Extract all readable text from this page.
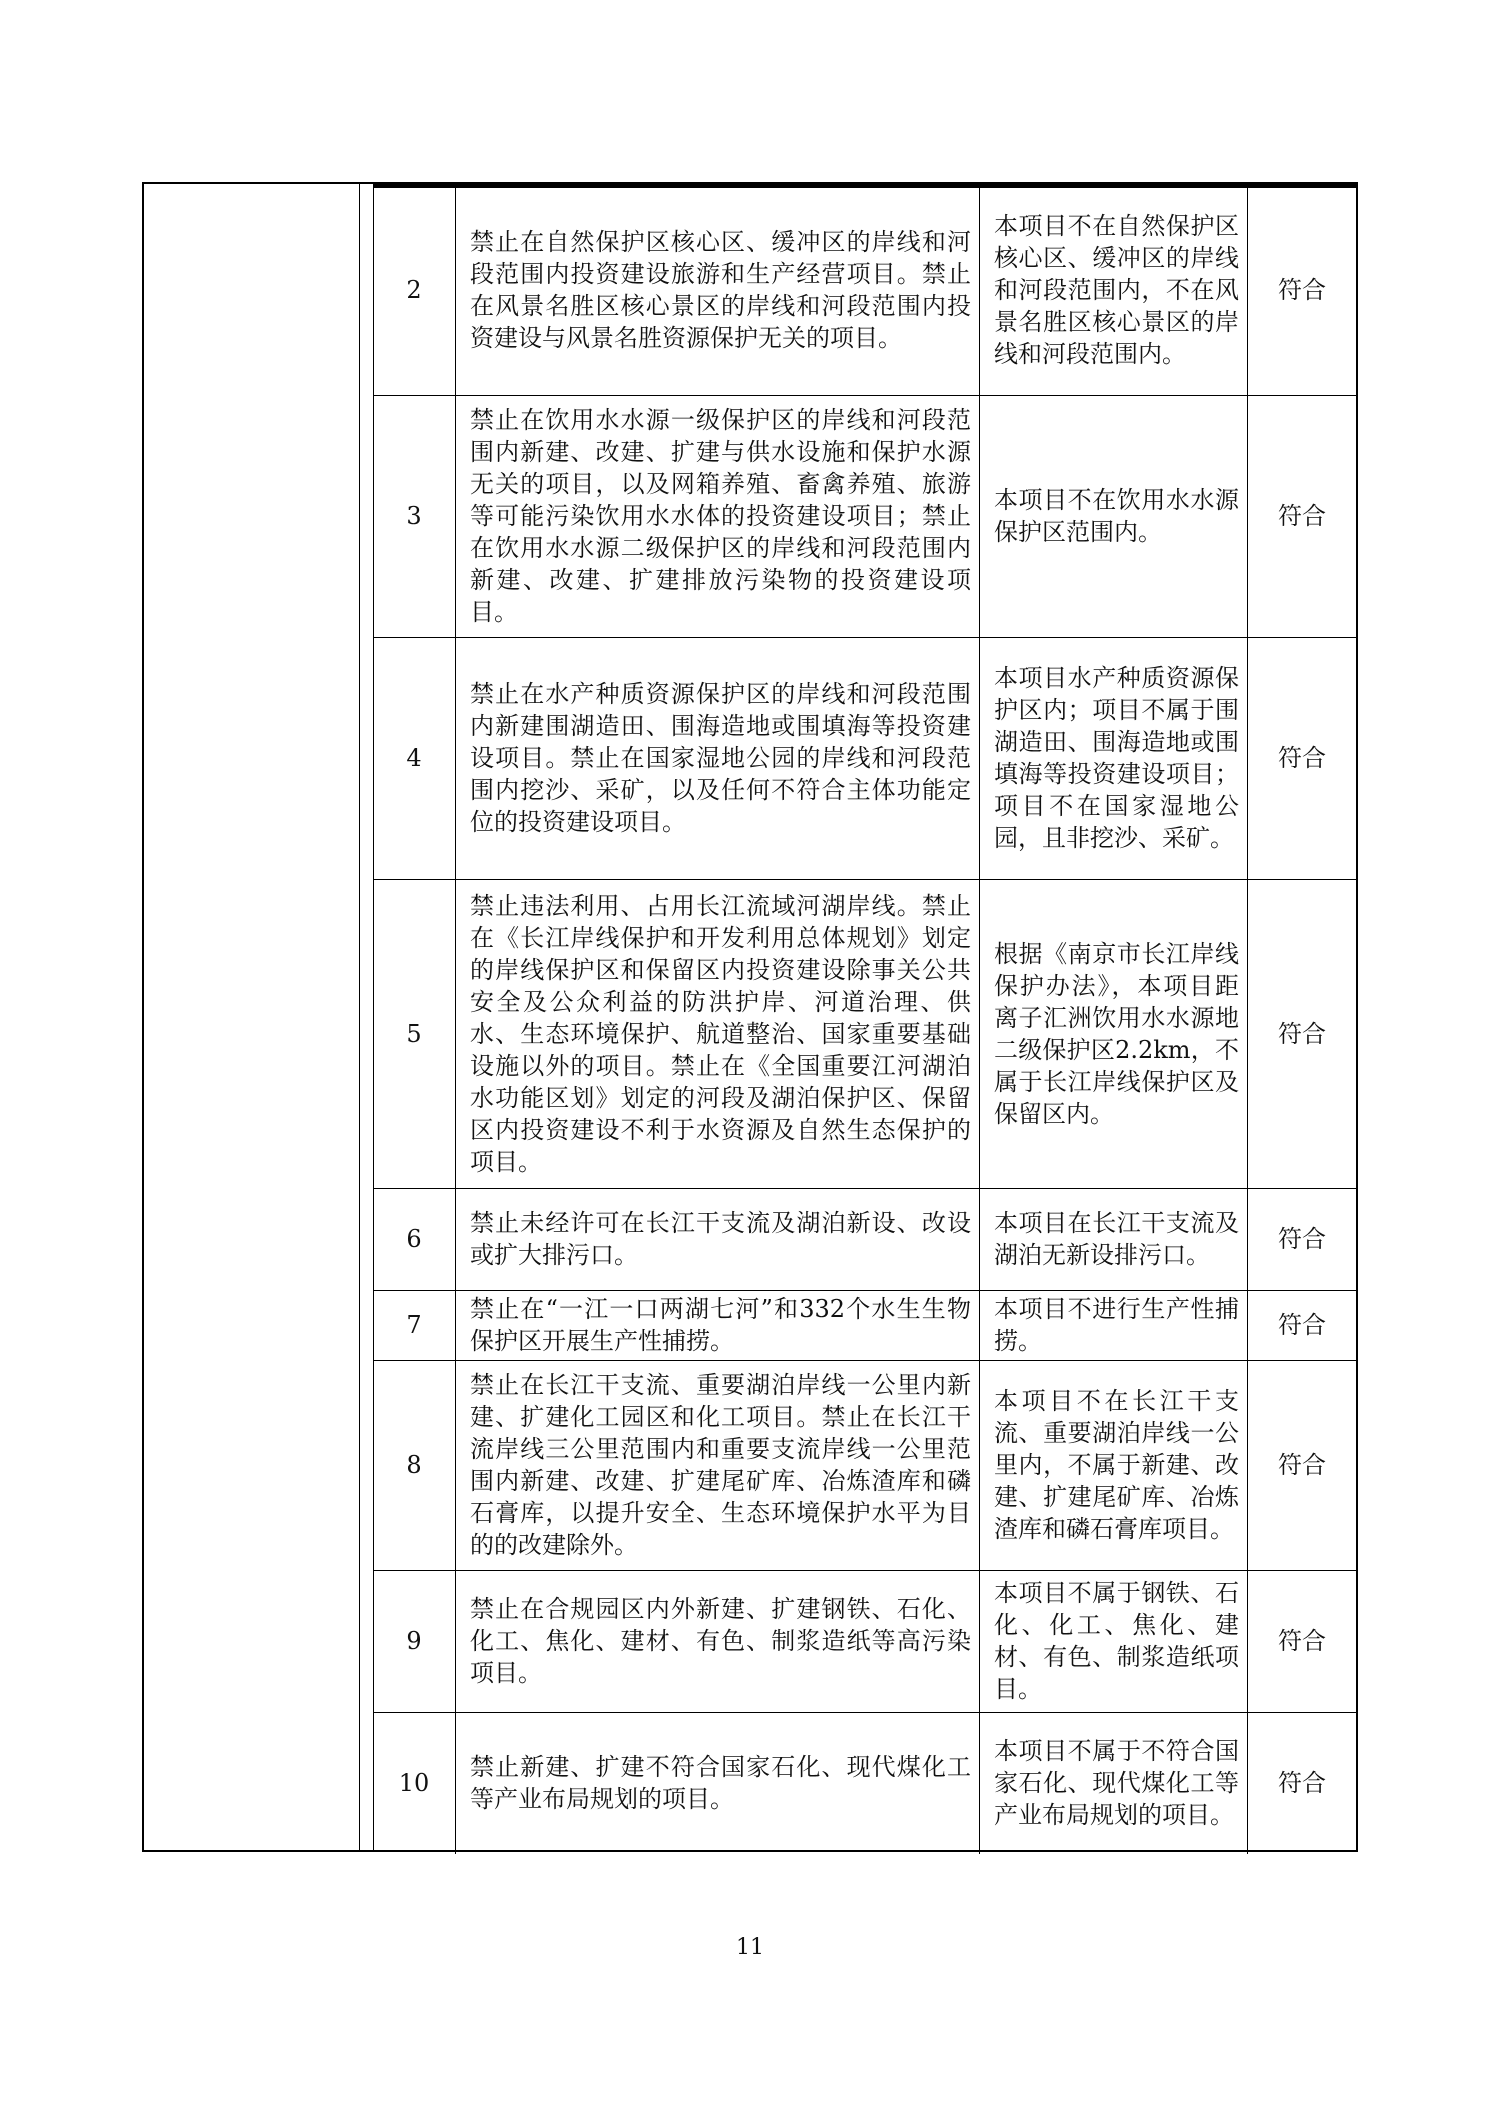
2
禁止在自然保护区核心区、缓冲区的岸线和河段范围内投资建设旅游和生产经营项目。禁止在风景名胜区核心景区的岸线和河段范围内投资建设与风景名胜资源保护无关的项目。
本项目不在自然保护区核心区、缓冲区的岸线和河段范围内，不在风景名胜区核心景区的岸线和河段范围内。
符合
3
禁止在饮用水水源一级保护区的岸线和河段范围内新建、改建、扩建与供水设施和保护水源无关的项目，以及网箱养殖、畜禽养殖、旅游等可能污染饮用水水体的投资建设项目；禁止在饮用水水源二级保护区的岸线和河段范围内新建、改建、扩建排放污染物的投资建设项目。
本项目不在饮用水水源保护区范围内。
符合
4
禁止在水产种质资源保护区的岸线和河段范围内新建围湖造田、围海造地或围填海等投资建设项目。禁止在国家湿地公园的岸线和河段范围内挖沙、采矿，以及任何不符合主体功能定位的投资建设项目。
本项目水产种质资源保护区内；项目不属于围湖造田、围海造地或围填海等投资建设项目；项目不在国家湿地公园，且非挖沙、采矿。
符合
5
禁止违法利用、占用长江流域河湖岸线。禁止在《长江岸线保护和开发利用总体规划》划定的岸线保护区和保留区内投资建设除事关公共安全及公众利益的防洪护岸、河道治理、供水、生态环境保护、航道整治、国家重要基础设施以外的项目。禁止在《全国重要江河湖泊水功能区划》划定的河段及湖泊保护区、保留区内投资建设不利于水资源及自然生态保护的项目。
根据《南京市长江岸线保护办法》，本项目距离子汇洲饮用水水源地二级保护区2.2km，不属于长江岸线保护区及保留区内。
符合
6
禁止未经许可在长江干支流及湖泊新设、改设或扩大排污口。
本项目在长江干支流及湖泊无新设排污口。
符合
7
禁止在“一江一口两湖七河”和332个水生生物保护区开展生产性捕捞。
本项目不进行生产性捕捞。
符合
8
禁止在长江干支流、重要湖泊岸线一公里内新建、扩建化工园区和化工项目。禁止在长江干流岸线三公里范围内和重要支流岸线一公里范围内新建、改建、扩建尾矿库、冶炼渣库和磷石膏库，以提升安全、生态环境保护水平为目的的改建除外。
本项目不在长江干支流、重要湖泊岸线一公里内，不属于新建、改建、扩建尾矿库、冶炼渣库和磷石膏库项目。
符合
9
禁止在合规园区内外新建、扩建钢铁、石化、化工、焦化、建材、有色、制浆造纸等高污染项目。
本项目不属于钢铁、石化、化工、焦化、建材、有色、制浆造纸项目。
符合
10
禁止新建、扩建不符合国家石化、现代煤化工等产业布局规划的项目。
本项目不属于不符合国家石化、现代煤化工等产业布局规划的项目。
符合
11
